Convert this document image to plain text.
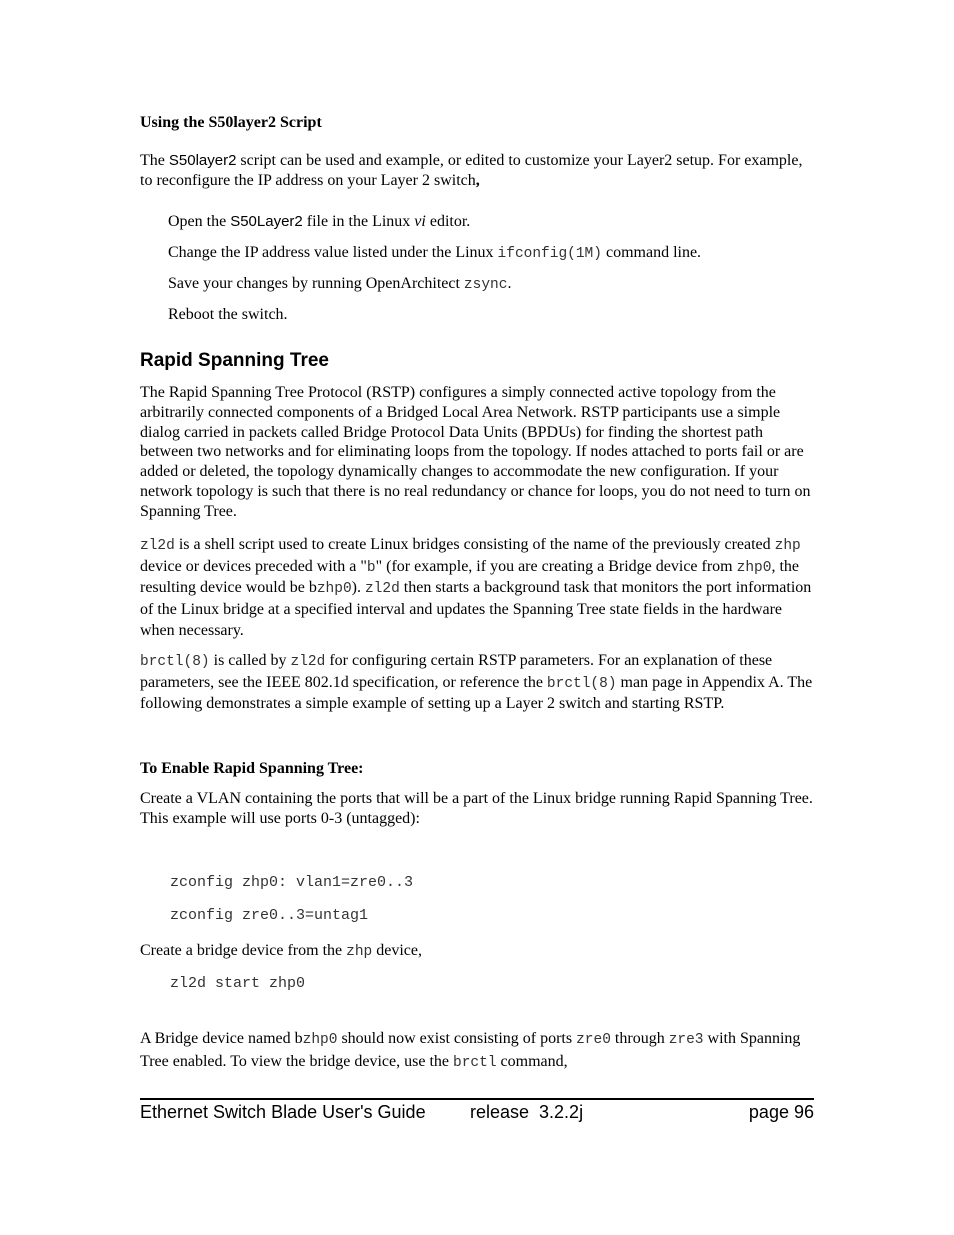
Using the S50layer2 Script

The S50layer2 script can be used and example, or edited to customize your Layer2 setup. For example, to reconfigure the IP address on your Layer 2 switch,

Open the S50Layer2 file in the Linux vi editor.

Change the IP address value listed under the Linux ifconfig(1M) command line.

Save your changes by running OpenArchitect zsync.

Reboot the switch.

Rapid Spanning Tree

The Rapid Spanning Tree Protocol (RSTP) configures a simply connected active topology from the arbitrarily connected components of a Bridged Local Area Network. RSTP participants use a simple dialog carried in packets called Bridge Protocol Data Units (BPDUs) for finding the shortest path between two networks and for eliminating loops from the topology. If nodes attached to ports fail or are added or deleted, the topology dynamically changes to accommodate the new configuration. If your network topology is such that there is no real redundancy or chance for loops, you do not need to turn on Spanning Tree.

zl2d is a shell script used to create Linux bridges consisting of the name of the previously created zhp device or devices preceded with a "b" (for example, if you are creating a Bridge device from zhp0, the resulting device would be bzhp0). zl2d then starts a background task that monitors the port information of the Linux bridge at a specified interval and updates the Spanning Tree state fields in the hardware when necessary.

brctl(8) is called by zl2d for configuring certain RSTP parameters. For an explanation of these parameters, see the IEEE 802.1d specification, or reference the brctl(8) man page in Appendix A. The following demonstrates a simple example of setting up a Layer 2 switch and starting RSTP.

To Enable Rapid Spanning Tree:

Create a VLAN containing the ports that will be a part of the Linux bridge running Rapid Spanning Tree. This example will use ports 0-3 (untagged):

zconfig zhp0: vlan1=zre0..3
zconfig zre0..3=untag1

Create a bridge device from the zhp device,

zl2d start zhp0

A Bridge device named bzhp0 should now exist consisting of ports zre0 through zre3 with Spanning Tree enabled. To view the bridge device, use the brctl command,

Ethernet Switch Blade User's Guide release  3.2.2j	page 96
